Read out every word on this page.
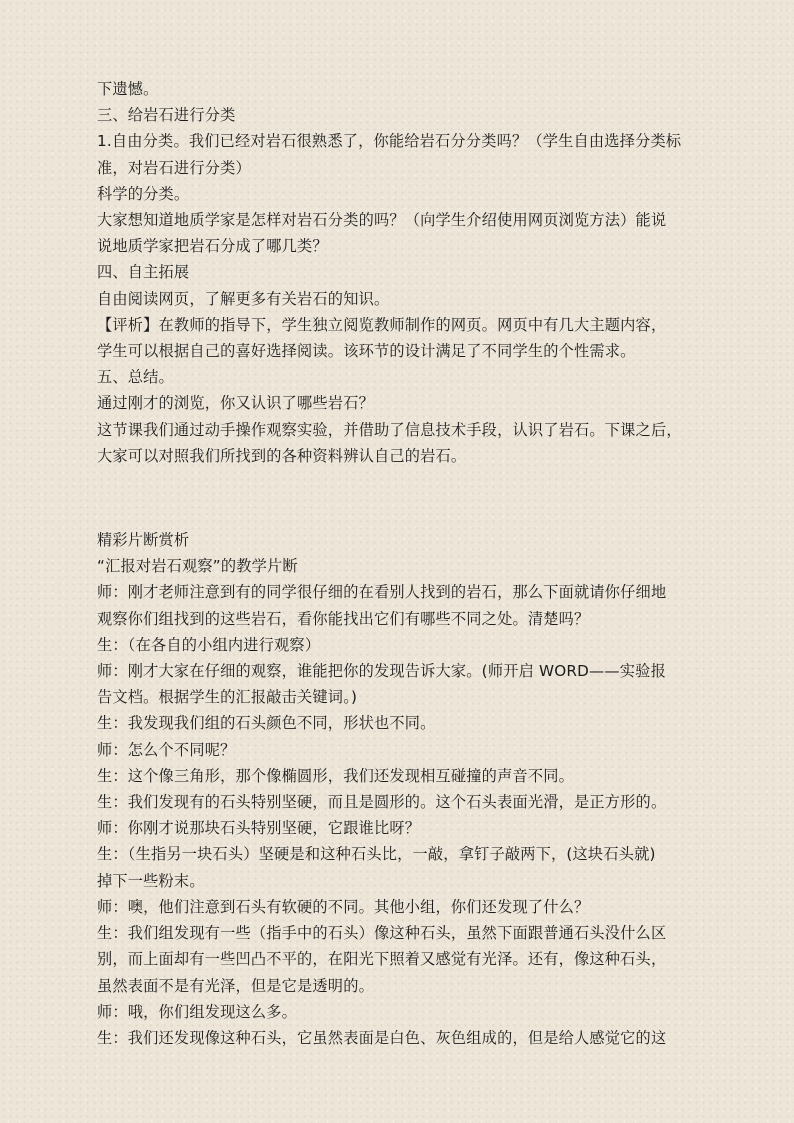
下遗憾。

三、给岩石进行分类

1.自由分类。我们已经对岩石很熟悉了，你能给岩石分分类吗？（学生自由选择分类标

准，对岩石进行分类）

科学的分类。

大家想知道地质学家是怎样对岩石分类的吗？（向学生介绍使用网页浏览方法）能说

说地质学家把岩石分成了哪几类？

四、自主拓展

自由阅读网页，了解更多有关岩石的知识。

【评析】在教师的指导下，学生独立阅览教师制作的网页。网页中有几大主题内容，

学生可以根据自己的喜好选择阅读。该环节的设计满足了不同学生的个性需求。

五、总结。

通过刚才的浏览，你又认识了哪些岩石？

这节课我们通过动手操作观察实验，并借助了信息技术手段，认识了岩石。下课之后，

大家可以对照我们所找到的各种资料辨认自己的岩石。

精彩片断赏析

“汇报对岩石观察”的教学片断

师：刚才老师注意到有的同学很仔细的在看别人找到的岩石，那么下面就请你仔细地

观察你们组找到的这些岩石，看你能找出它们有哪些不同之处。清楚吗？

生：（在各自的小组内进行观察）

师：刚才大家在仔细的观察，谁能把你的发现告诉大家。(师开启 WORD——实验报

告文档。根据学生的汇报敲击关键词。)

生：我发现我们组的石头颜色不同，形状也不同。

师：怎么个不同呢？

生：这个像三角形，那个像椭圆形，我们还发现相互碰撞的声音不同。

生：我们发现有的石头特别坚硬，而且是圆形的。这个石头表面光滑，是正方形的。

师：你刚才说那块石头特别坚硬，它跟谁比呀？

生：（生指另一块石头）坚硬是和这种石头比，一敲，拿钉子敲两下，(这块石头就)

掉下一些粉末。

师：噢，他们注意到石头有软硬的不同。其他小组，你们还发现了什么？

生：我们组发现有一些（指手中的石头）像这种石头，虽然下面跟普通石头没什么区

别，而上面却有一些凹凸不平的，在阳光下照着又感觉有光泽。还有，像这种石头，

虽然表面不是有光泽，但是它是透明的。

师：哦，你们组发现这么多。

生：我们还发现像这种石头，它虽然表面是白色、灰色组成的，但是给人感觉它的这
